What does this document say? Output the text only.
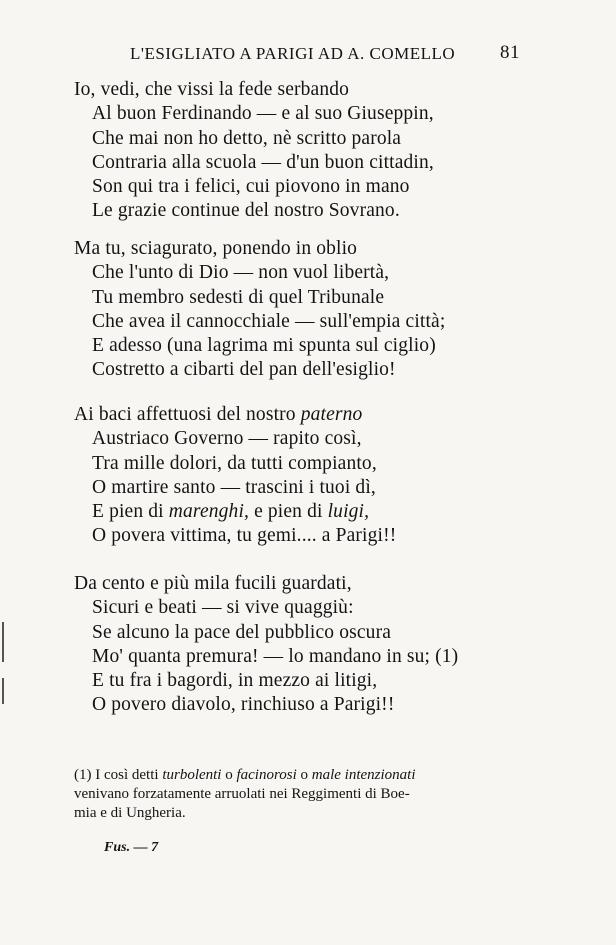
L'ESIGLIATO A PARIGI AD A. COMELLO 81
Io, vedi, che vissi la fede serbando
Al buon Ferdinando — e al suo Giuseppin,
Che mai non ho detto, nè scritto parola
Contraria alla scuola — d'un buon cittadin,
Son qui tra i felici, cui piovono in mano
Le grazie continue del nostro Sovrano.
Ma tu, sciagurato, ponendo in oblio
Che l'unto di Dio — non vuol libertà,
Tu membro sedesti di quel Tribunale
Che avea il cannocchiale — sull'empia città;
E adesso (una lagrima mi spunta sul ciglio)
Costretto a cibarti del pan dell'esiglio!
Ai baci affettuosi del nostro paterno
Austriaco Governo — rapito così,
Tra mille dolori, da tutti compianto,
O martire santo — trascini i tuoi dì,
E pien di marenghi, e pien di luigi,
O povera vittima, tu gemi.... a Parigi!!
Da cento e più mila fucili guardati,
Sicuri e beati — si vive quaggiù:
Se alcuno la pace del pubblico oscura
Mo' quanta premura! — lo mandano in su; (1)
E tu fra i bagordi, in mezzo ai litigi,
O povero diavolo, rinchiuso a Parigi!!
(1) I così detti turbolenti o facinorosi o male intenzionati
venivano forzatamente arruolati nei Reggimenti di Boe-
mia e di Ungheria.
Fus. — 7
